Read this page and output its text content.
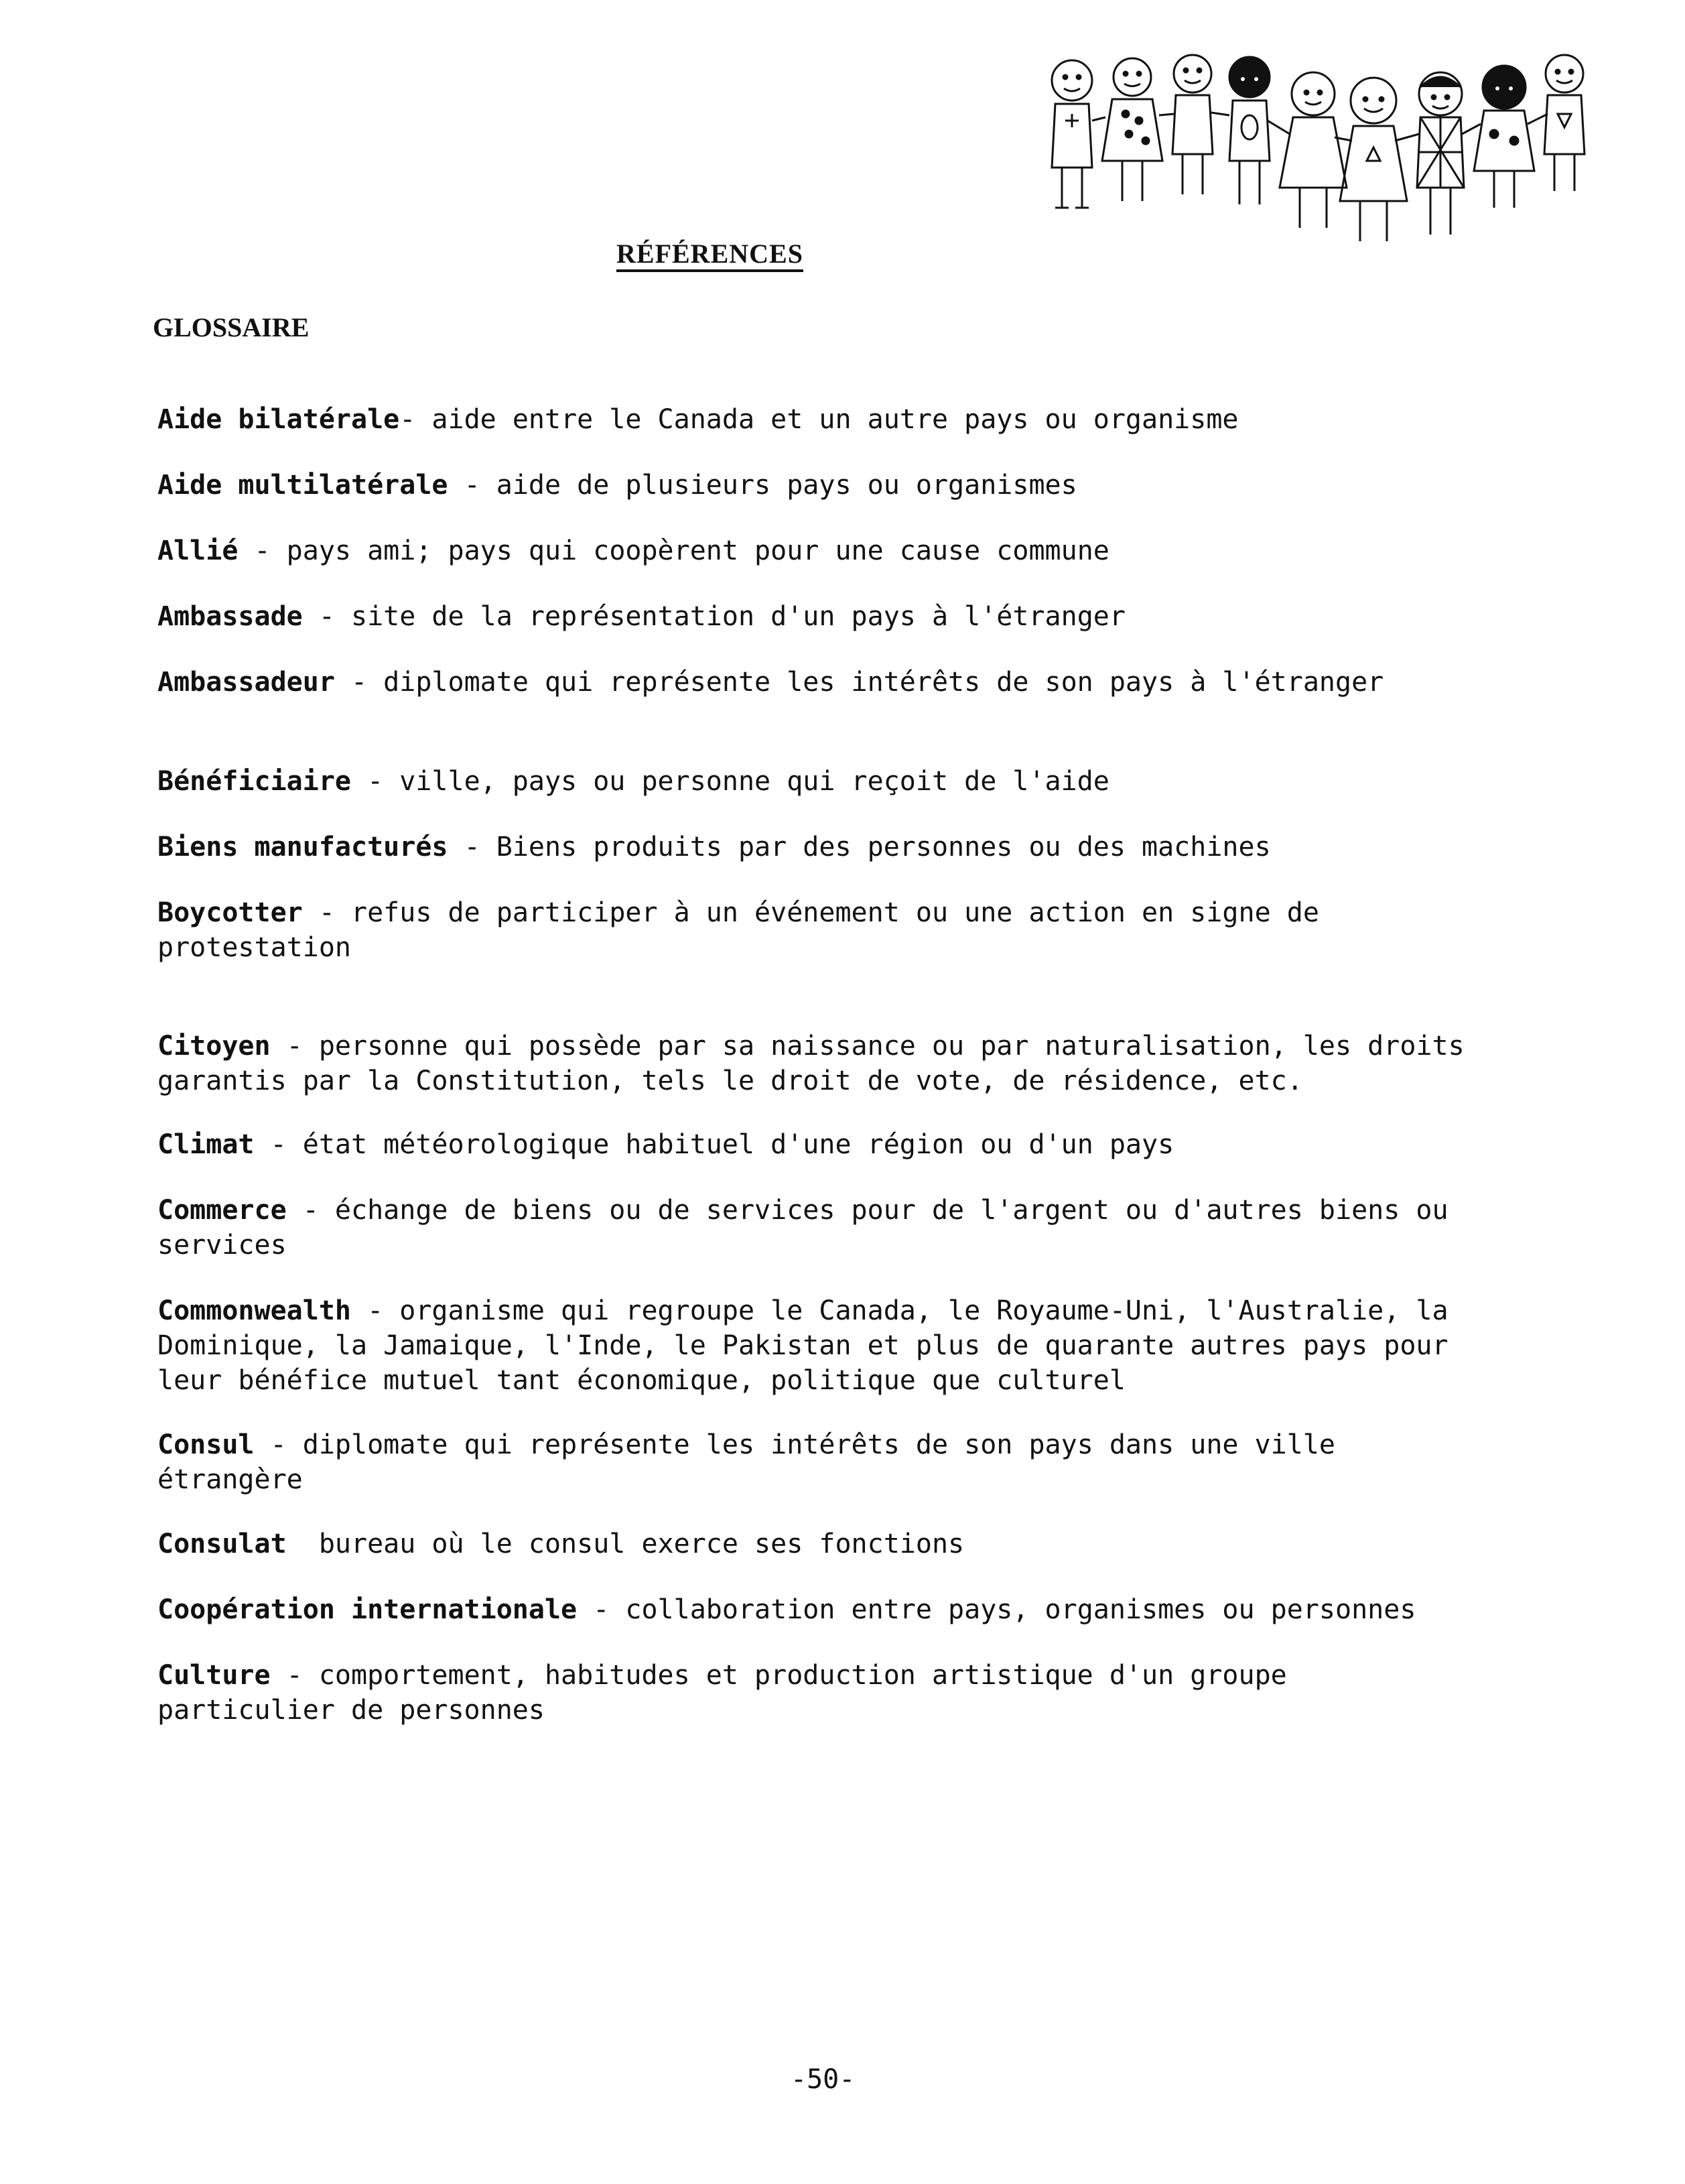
RÉFÉRENCES
GLOSSAIRE

Aide bilatérale- aide entre le Canada et un autre pays ou organisme

Aide multilatérale - aide de plusieurs pays ou organismes

Allié - pays ami; pays qui coopèrent pour une cause commune

Ambassade - site de la représentation d'un pays à l'étranger

Ambassadeur - diplomate qui représente les intérêts de son pays à l'étranger

Bénéficiaire - ville, pays ou personne qui reçoit de l'aide

Biens manufacturés - Biens produits par des personnes ou des machines

Boycotter - refus de participer à un événement ou une action en signe de protestation

Citoyen - personne qui possède par sa naissance ou par naturalisation, les droits garantis par la Constitution, tels le droit de vote, de résidence, etc.

Climat - état météorologique habituel d'une région ou d'un pays

Commerce - échange de biens ou de services pour de l'argent ou d'autres biens ou services

Commonwealth - organisme qui regroupe le Canada, le Royaume-Uni, l'Australie, la Dominique, la Jamaique, l'Inde, le Pakistan et plus de quarante autres pays pour leur bénéfice mutuel tant économique, politique que culturel

Consul - diplomate qui représente les intérêts de son pays dans une ville étrangère

Consulat bureau où le consul exerce ses fonctions

Coopération internationale - collaboration entre pays, organismes ou personnes

Culture - comportement, habitudes et production artistique d'un groupe particulier de personnes

-50-
